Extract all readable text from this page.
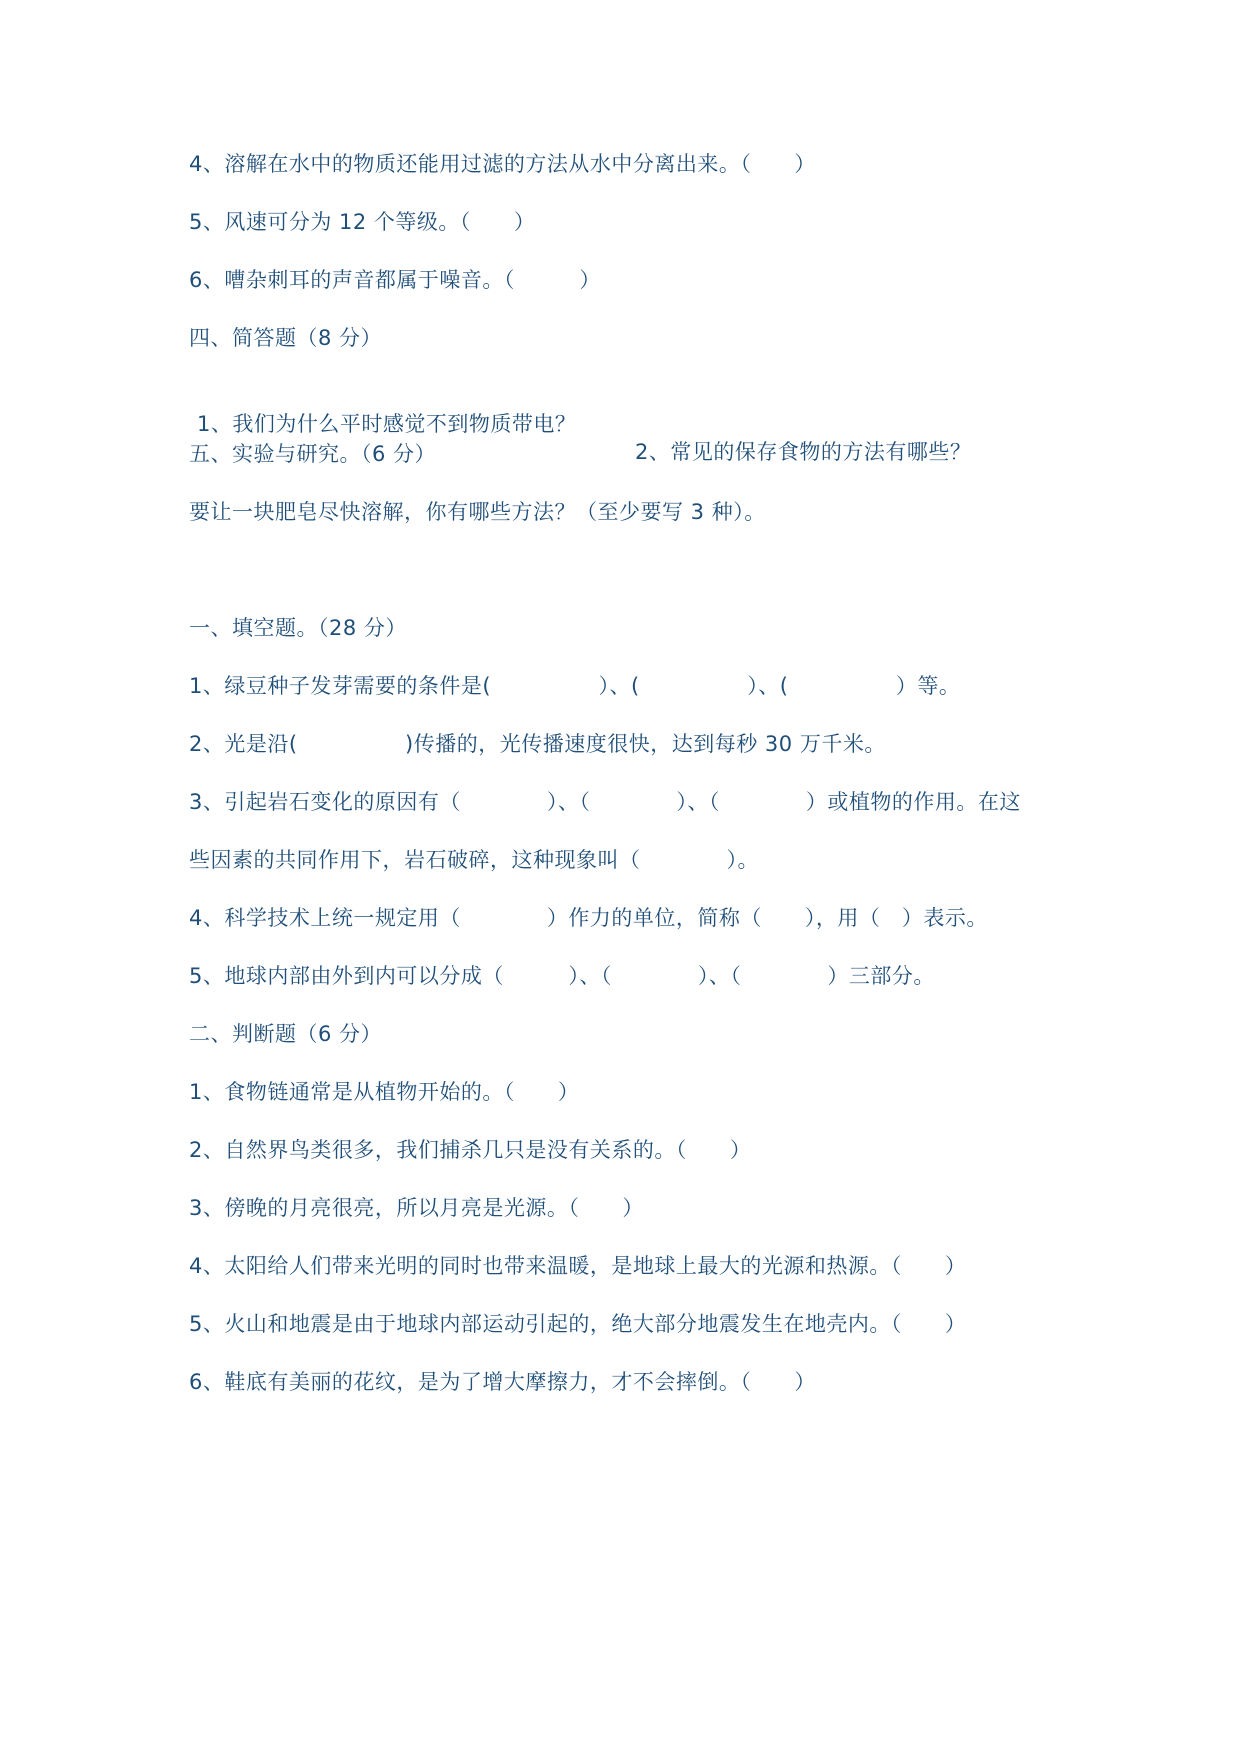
4、溶解在水中的物质还能用过滤的方法从水中分离出来。（　　）
5、风速可分为 12 个等级。（　　）
6、嘈杂刺耳的声音都属于噪音。（　　　）
四、简答题（8 分）

1、我们为什么平时感觉不到物质带电？

2、常见的保存食物的方法有哪些？

五、实验与研究。（6 分）
要让一块肥皂尽快溶解，你有哪些方法？（至少要写 3 种）。
一、填空题。（28 分）
1、绿豆种子发芽需要的条件是(　　　　　）、(　　　　　）、(　　　　　）等。
2、光是沿(　　　　　)传播的，光传播速度很快，达到每秒 30 万千米。
3、引起岩石变化的原因有（　　　　）、（　　　　）、（　　　　）或植物的作用。在这
些因素的共同作用下，岩石破碎，这种现象叫（　　　　）。
4、科学技术上统一规定用（　　　　）作力的单位，简称（　　），用（　）表示。
5、地球内部由外到内可以分成（　　　）、（　　　　）、（　　　　）三部分。
二、判断题（6 分）
1、食物链通常是从植物开始的。（　　）
2、自然界鸟类很多，我们捕杀几只是没有关系的。（　　）
3、傍晚的月亮很亮，所以月亮是光源。（　　）
4、太阳给人们带来光明的同时也带来温暖，是地球上最大的光源和热源。（　　）
5、火山和地震是由于地球内部运动引起的，绝大部分地震发生在地壳内。（　　）
6、鞋底有美丽的花纹，是为了增大摩擦力，才不会摔倒。（　　）
